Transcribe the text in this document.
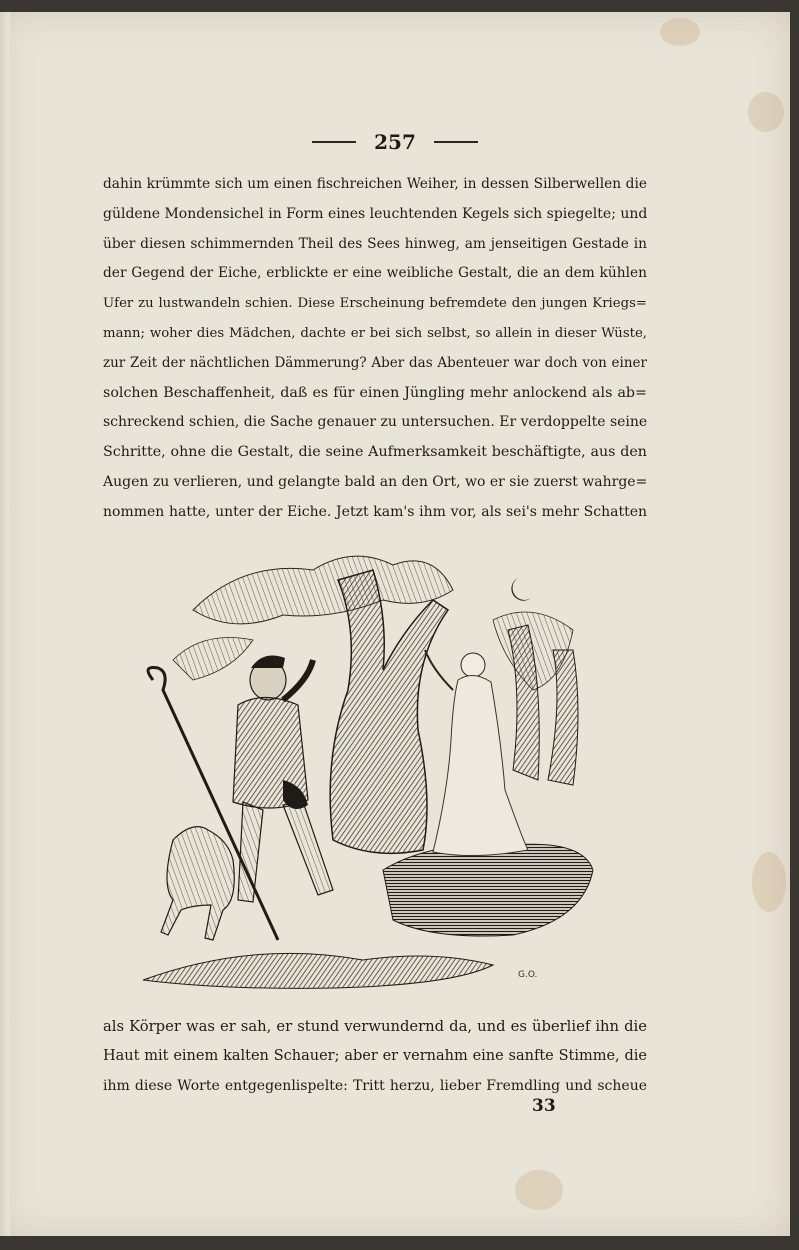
257
dahin krümmte sich um einen fischreichen Weiher, in dessen Silberwellen die
güldene Mondensichel in Form eines leuchtenden Kegels sich spiegelte; und
über diesen schimmernden Theil des Sees hinweg, am jenseitigen Gestade in
der Gegend der Eiche, erblickte er eine weibliche Gestalt, die an dem kühlen
Ufer zu lustwandeln schien. Diese Erscheinung befremdete den jungen Kriegs=
mann; woher dies Mädchen, dachte er bei sich selbst, so allein in dieser Wüste,
zur Zeit der nächtlichen Dämmerung? Aber das Abenteuer war doch von einer
solchen Beschaffenheit, daß es für einen Jüngling mehr anlockend als ab=
schreckend schien, die Sache genauer zu untersuchen. Er verdoppelte seine
Schritte, ohne die Gestalt, die seine Aufmerksamkeit beschäftigte, aus den
Augen zu verlieren, und gelangte bald an den Ort, wo er sie zuerst wahrge=
nommen hatte, unter der Eiche. Jetzt kam's ihm vor, als sei's mehr Schatten
G.O.
als Körper was er sah, er stund verwundernd da, und es überlief ihn die
Haut mit einem kalten Schauer; aber er vernahm eine sanfte Stimme, die
ihm diese Worte entgegenlispelte: Tritt herzu, lieber Fremdling und scheue
33
